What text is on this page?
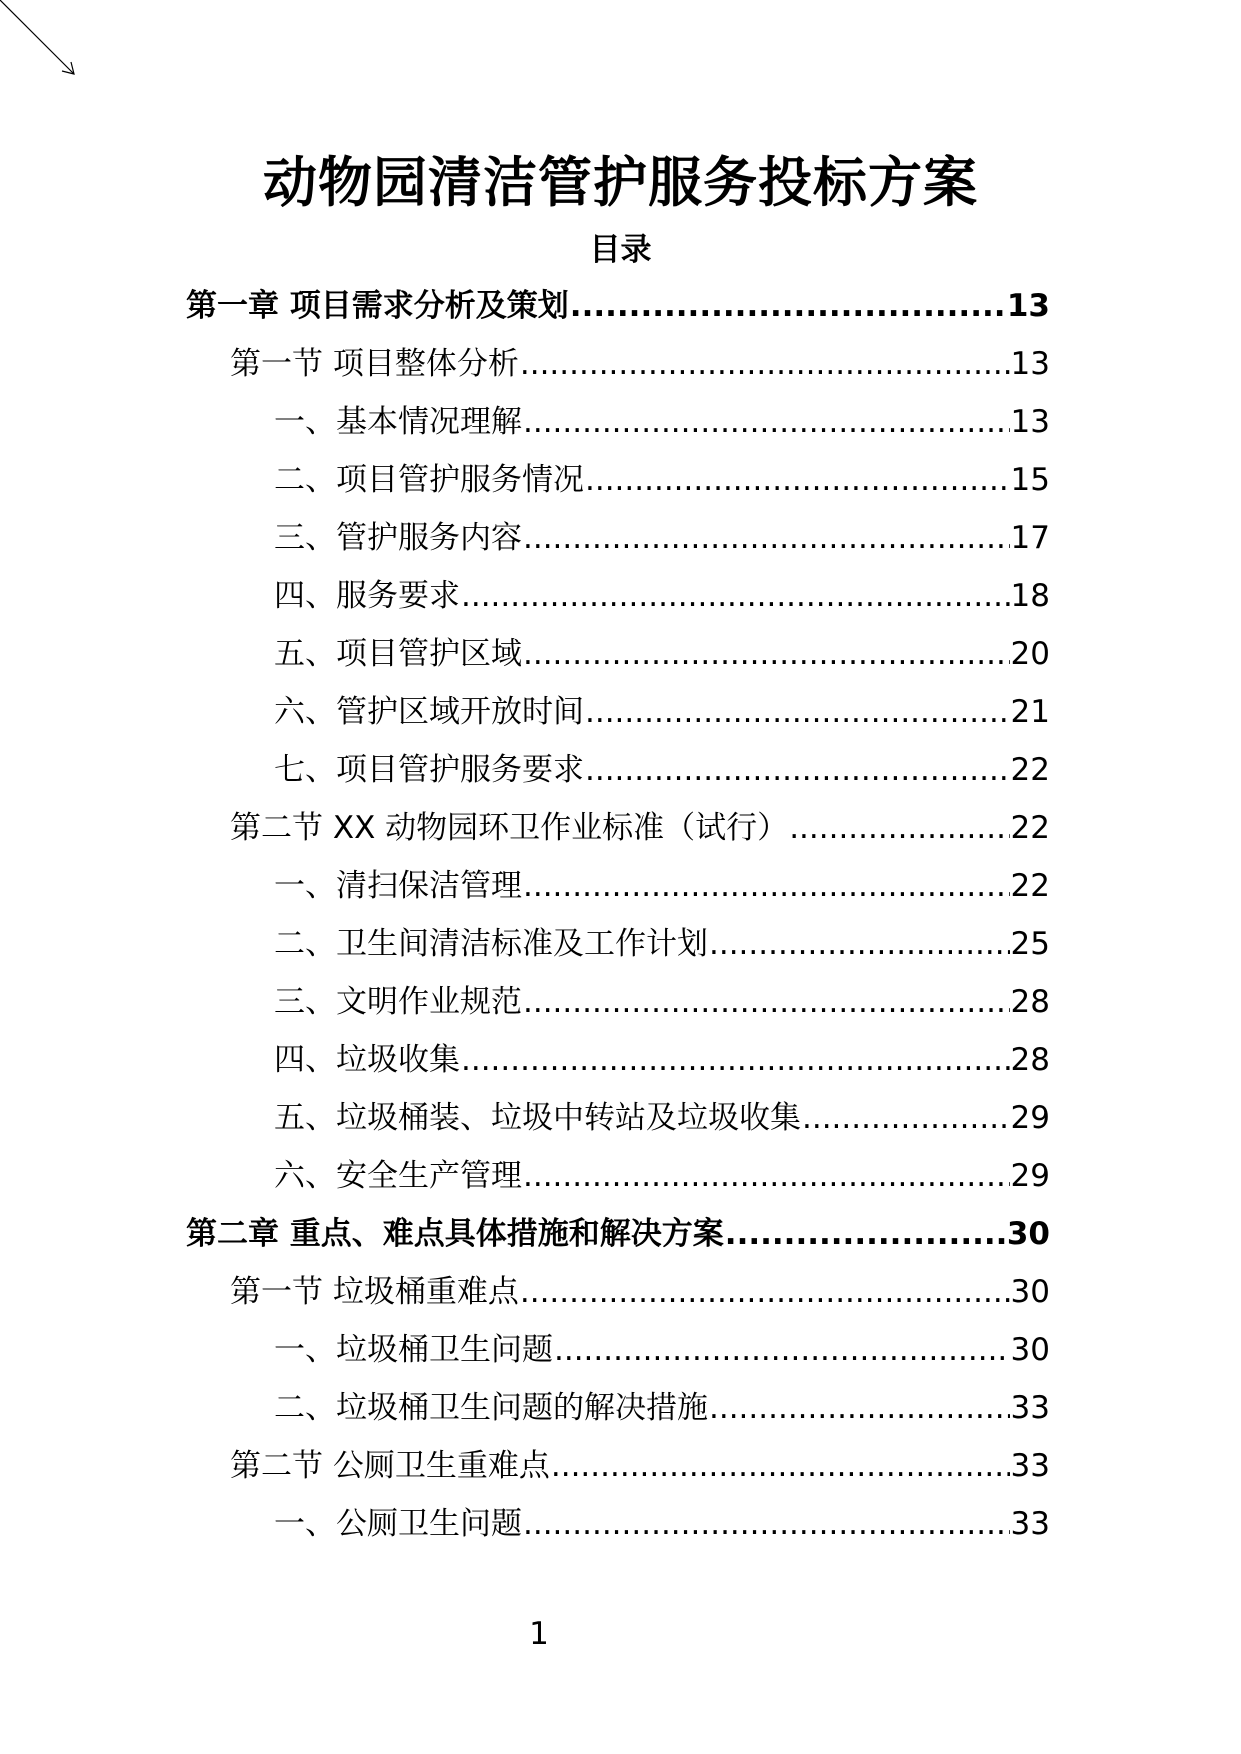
动物园清洁管护服务投标方案
目录
第一章 项目需求分析及策划 .....	13
第一节 项目整体分析 .....	13
一、基本情况理解 .....	13
二、项目管护服务情况 .....	15
三、管护服务内容 .....	17
四、服务要求 .....	18
五、项目管护区域 .....	20
六、管护区域开放时间 .....	21
七、项目管护服务要求 .....	22
第二节 XX 动物园环卫作业标准（试行） .....	22
一、清扫保洁管理 .....	22
二、卫生间清洁标准及工作计划 .....	25
三、文明作业规范 .....	28
四、垃圾收集 .....	28
五、垃圾桶装、垃圾中转站及垃圾收集 .....	29
六、安全生产管理 .....	29
第二章 重点、难点具体措施和解决方案 .....	30
第一节 垃圾桶重难点 .....	30
一、垃圾桶卫生问题 .....	30
二、垃圾桶卫生问题的解决措施 .....	33
第二节 公厕卫生重难点 .....	33
一、公厕卫生问题 .....	33
1
